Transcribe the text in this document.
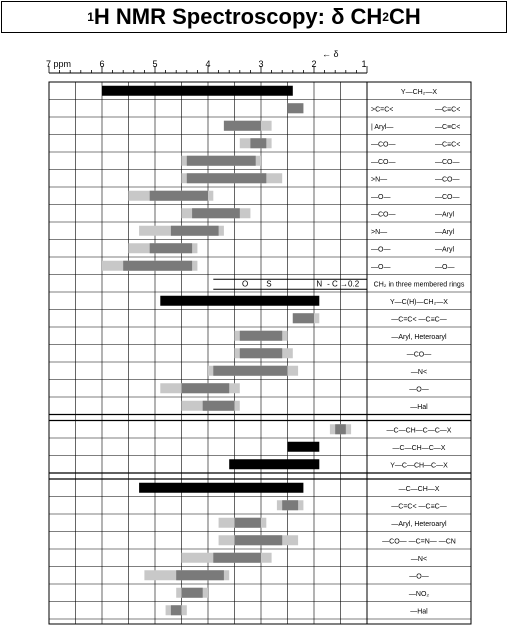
1 H NMR Spectroscopy: δ CH 2 CH
7 ppm
← δ
6	5	4	3	2	1
O S	N - C →0.2
Y—CH₂—X
>C=C<	—C≡C<
| Aryl—	—C≡C<
—CO—	—C≡C<
—CO—	—CO—
>N—	—CO—
—O—	—CO—
—CO—	—Aryl
>N—	—Aryl
—O—	—Aryl
—O—	—O—
CH₂ in three membered rings
Y—C(H)—CH₂—X
—C=C< —C≡C—
—Aryl, Heteroaryl
—CO—
—N<
—O—
—Hal
—C—CH—C—C—X
—C—CH—C—X
Y—C—CH—C—X
—C—CH—X
—C=C< —C≡C—
—Aryl, Heteroaryl
—CO— —C=N— —CN
—N<
—O—
—NO₂
—Hal
